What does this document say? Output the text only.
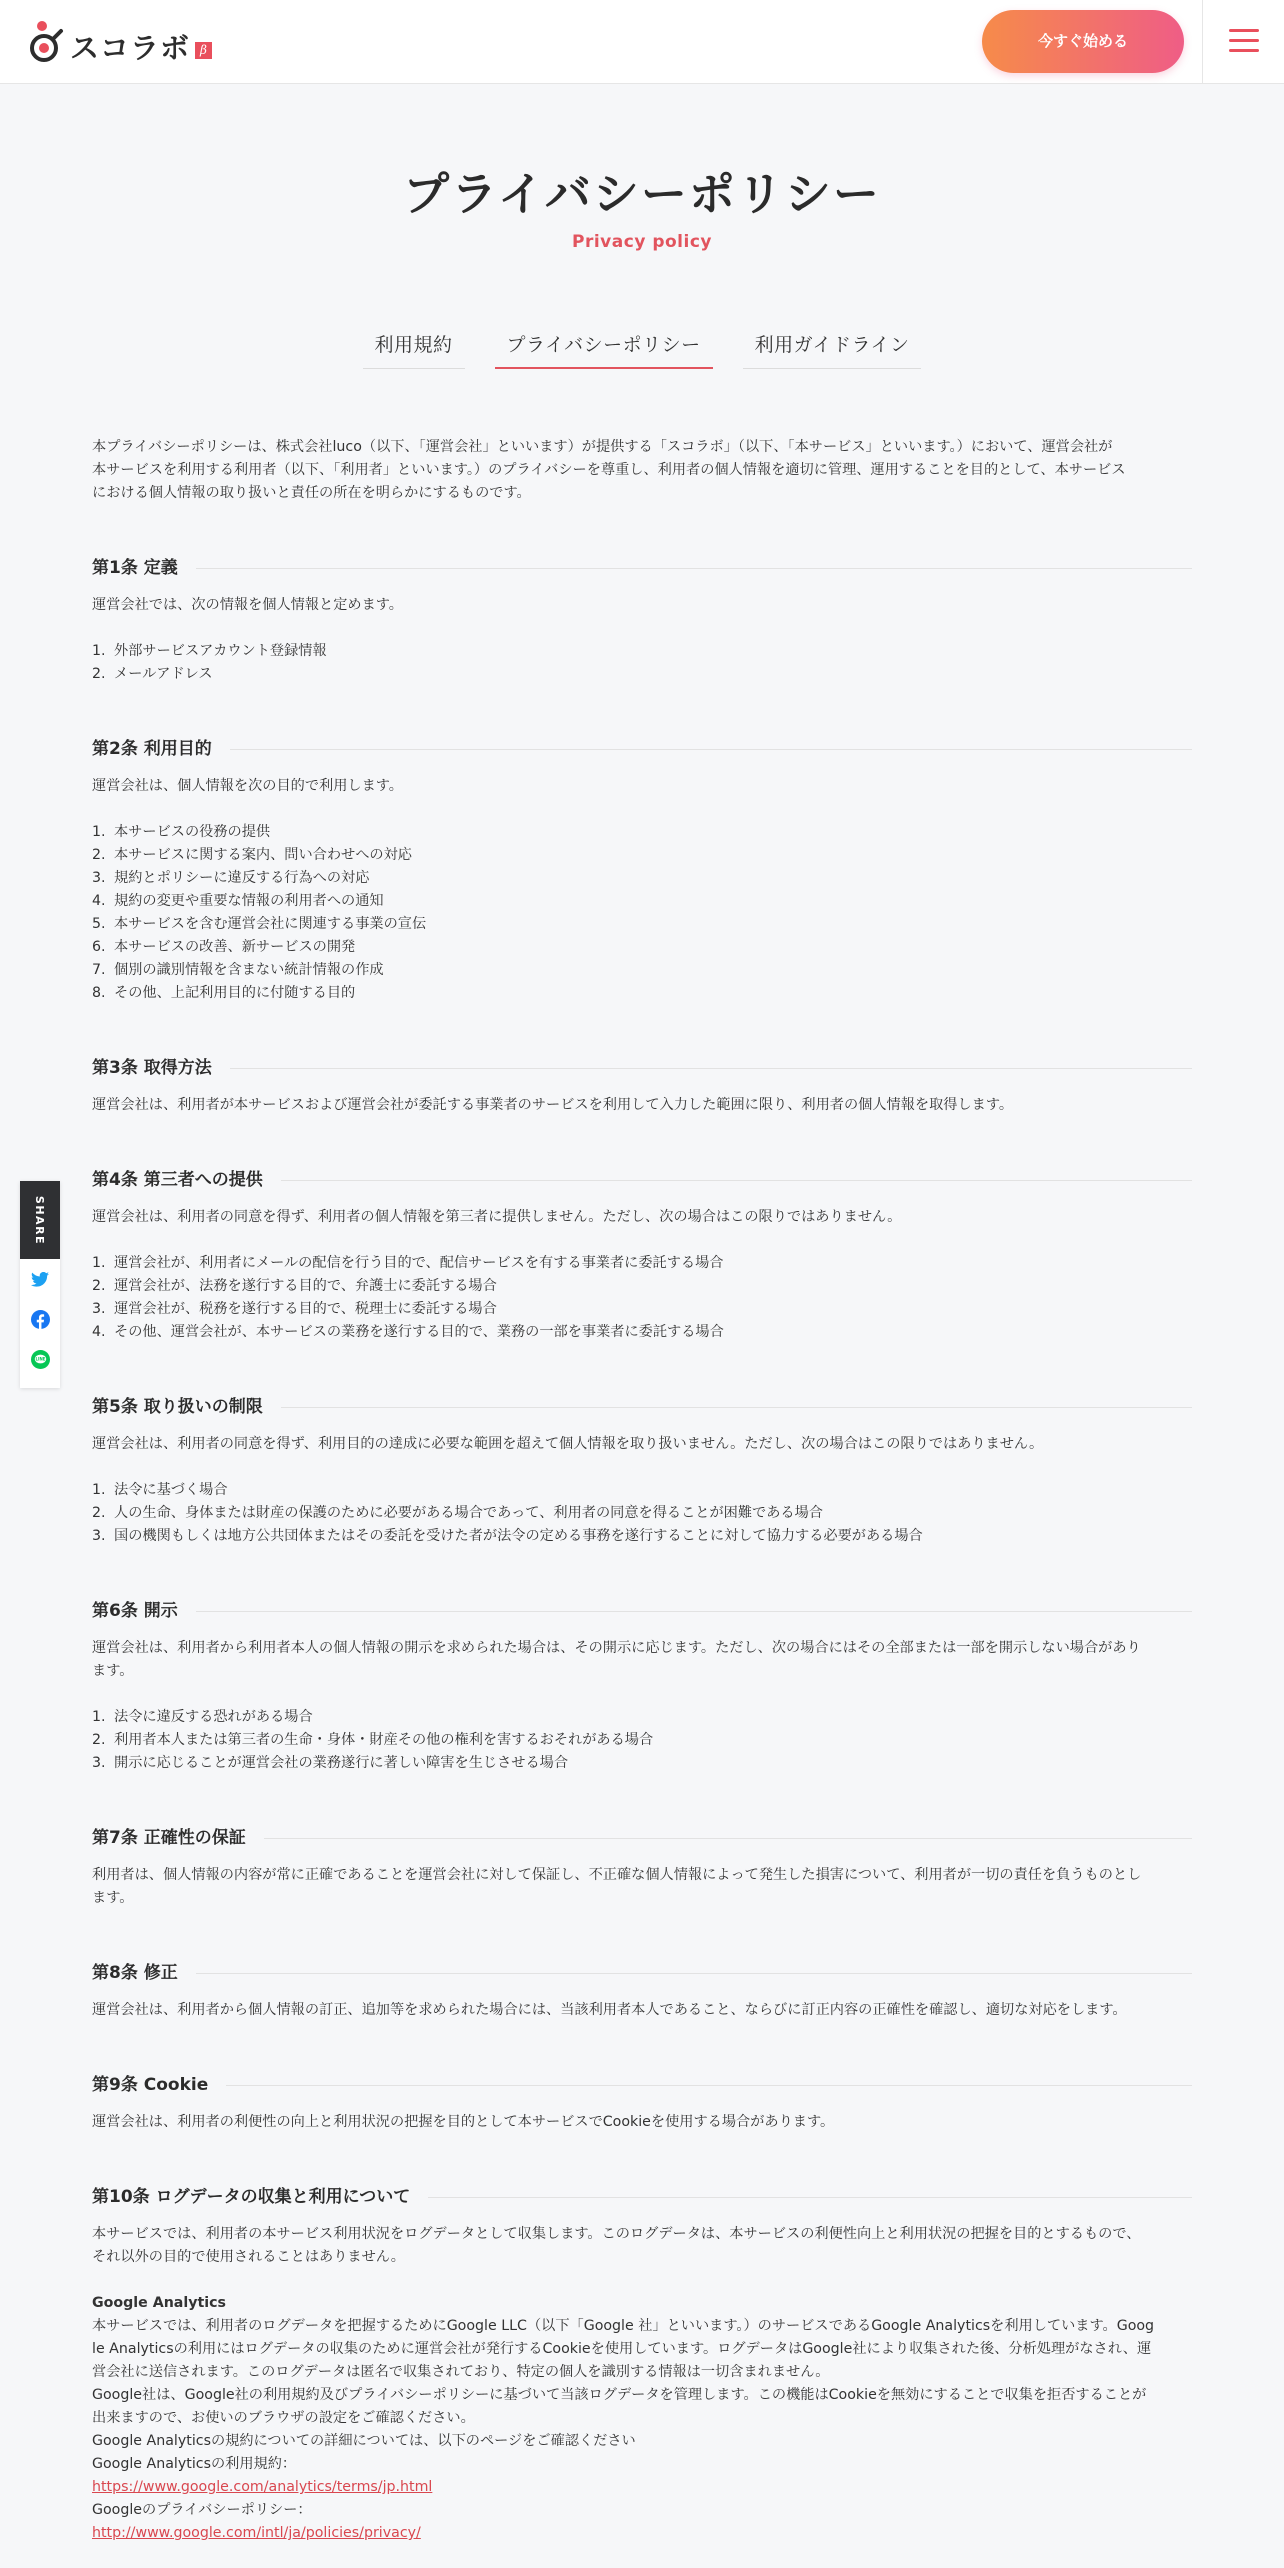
スコラボ β	今すぐ始める
プライバシーポリシー
Privacy policy
利用規約	プライバシーポリシー	利用ガイドライン
SHARE
LINE
本プライバシーポリシーは、株式会社luco（以下、「運営会社」といいます）が提供する「スコラボ」（以下、「本サービス」といいます。）において、運営会社が
本サービスを利用する利用者（以下、「利用者」といいます。）のプライバシーを尊重し、利用者の個人情報を適切に管理、運用することを目的として、本サービス
における個人情報の取り扱いと責任の所在を明らかにするものです。
第1条 定義

運営会社では、次の情報を個人情報と定めます。

1. 外部サービスアカウント登録情報
2. メールアドレス
第2条 利用目的

運営会社は、個人情報を次の目的で利用します。

1. 本サービスの役務の提供
2. 本サービスに関する案内、問い合わせへの対応
3. 規約とポリシーに違反する行為への対応
4. 規約の変更や重要な情報の利用者への通知
5. 本サービスを含む運営会社に関連する事業の宣伝
6. 本サービスの改善、新サービスの開発
7. 個別の識別情報を含まない統計情報の作成
8. その他、上記利用目的に付随する目的
第3条 取得方法

運営会社は、利用者が本サービスおよび運営会社が委託する事業者のサービスを利用して入力した範囲に限り、利用者の個人情報を取得します。

第4条 第三者への提供

運営会社は、利用者の同意を得ず、利用者の個人情報を第三者に提供しません。ただし、次の場合はこの限りではありません。

1. 運営会社が、利用者にメールの配信を行う目的で、配信サービスを有する事業者に委託する場合
2. 運営会社が、法務を遂行する目的で、弁護士に委託する場合
3. 運営会社が、税務を遂行する目的で、税理士に委託する場合
4. その他、運営会社が、本サービスの業務を遂行する目的で、業務の一部を事業者に委託する場合
第5条 取り扱いの制限

運営会社は、利用者の同意を得ず、利用目的の達成に必要な範囲を超えて個人情報を取り扱いません。ただし、次の場合はこの限りではありません。

1. 法令に基づく場合
2. 人の生命、身体または財産の保護のために必要がある場合であって、利用者の同意を得ることが困難である場合
3. 国の機関もしくは地方公共団体またはその委託を受けた者が法令の定める事務を遂行することに対して協力する必要がある場合
第6条 開示

運営会社は、利用者から利用者本人の個人情報の開示を求められた場合は、その開示に応じます。ただし、次の場合にはその全部または一部を開示しない場合があり
ます。

1. 法令に違反する恐れがある場合
2. 利用者本人または第三者の生命・身体・財産その他の権利を害するおそれがある場合
3. 開示に応じることが運営会社の業務遂行に著しい障害を生じさせる場合
第7条 正確性の保証

利用者は、個人情報の内容が常に正確であることを運営会社に対して保証し、不正確な個人情報によって発生した損害について、利用者が一切の責任を負うものとし
ます。

第8条 修正

運営会社は、利用者から個人情報の訂正、追加等を求められた場合には、当該利用者本人であること、ならびに訂正内容の正確性を確認し、適切な対応をします。

第9条 Cookie

運営会社は、利用者の利便性の向上と利用状況の把握を目的として本サービスでCookieを使用する場合があります。

第10条 ログデータの収集と利用について

本サービスでは、利用者の本サービス利用状況をログデータとして収集します。このログデータは、本サービスの利便性向上と利用状況の把握を目的とするもので、
それ以外の目的で使用されることはありません。

Google Analytics
本サービスでは、利用者のログデータを把握するためにGoogle LLC（以下「Google 社」といいます。）のサービスであるGoogle Analyticsを利用しています。Goog
le Analyticsの利用にはログデータの収集のために運営会社が発行するCookieを使用しています。ログデータはGoogle社により収集された後、分析処理がなされ、運
営会社に送信されます。このログデータは匿名で収集されており、特定の個人を識別する情報は一切含まれません。
Google社は、Google社の利用規約及びプライバシーポリシーに基づいて当該ログデータを管理します。この機能はCookieを無効にすることで収集を拒否することが
出来ますので、お使いのブラウザの設定をご確認ください。
Google Analyticsの規約についての詳細については、以下のページをご確認ください
Google Analyticsの利用規約：
https://www.google.com/analytics/terms/jp.html
Googleのプライバシーポリシー：
http://www.google.com/intl/ja/policies/privacy/
